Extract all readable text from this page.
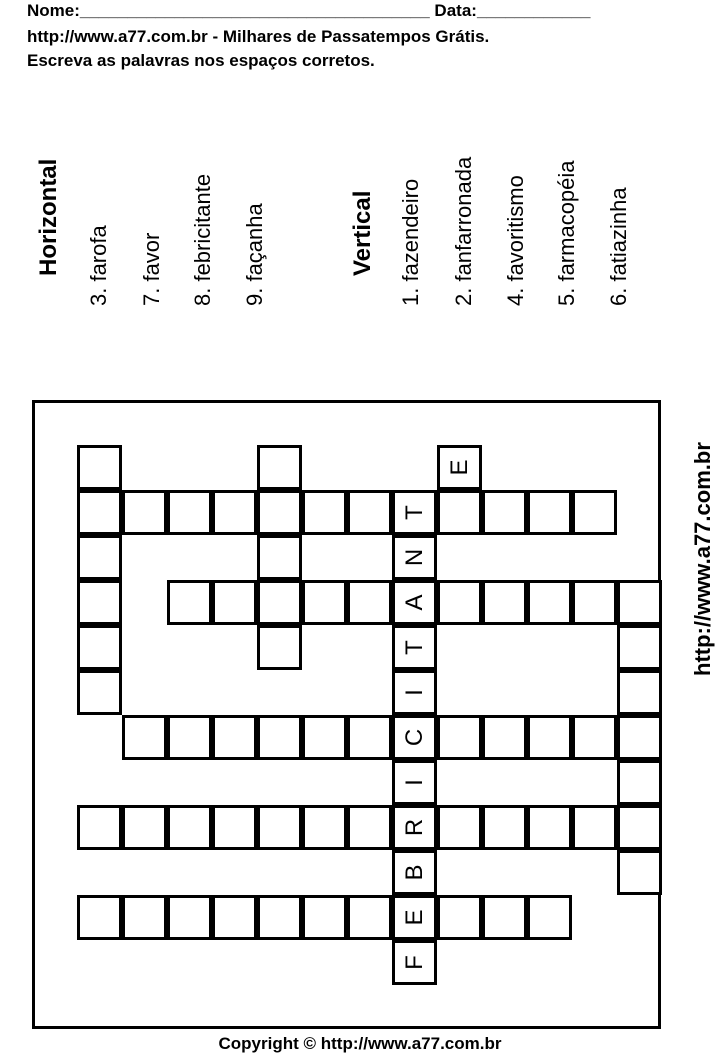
Nome:_____________________________________ Data:____________
http://www.a77.com.br - Milhares de Passatempos Grátis.
Escreva as palavras nos espaços corretos.
Horizontal 3. farofa 7. favor 8. febricitante 9. façanha	Vertical 1. fazendeiro 2. fanfarronada 4. favoritismo 5. farmacopéia 6. fatiazinha
http://www.a77.com.br
Copyright © http://www.a77.com.br
E
T
N
A
T
I
C
I
R
B
E
F
